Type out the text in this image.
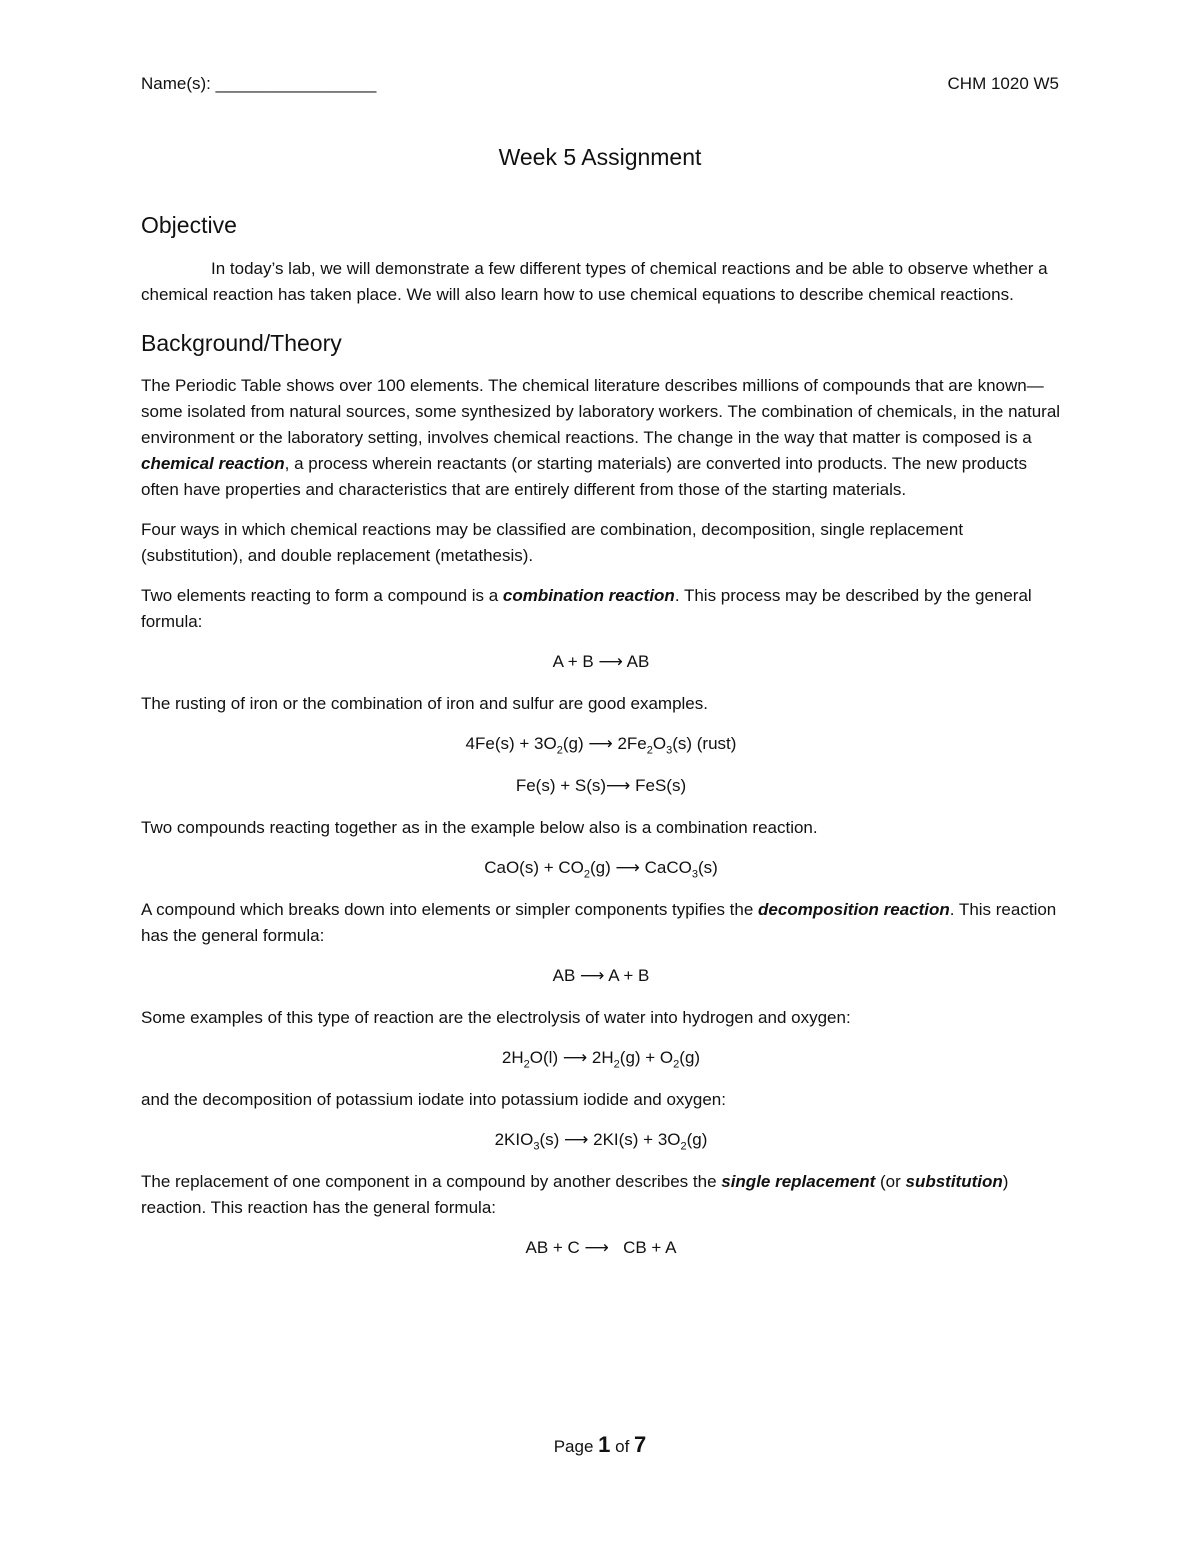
Name(s): _________________	CHM 1020 W5
Week 5 Assignment
Objective

In today’s lab, we will demonstrate a few different types of chemical reactions and be able to observe whether a chemical reaction has taken place. We will also learn how to use chemical equations to describe chemical reactions.

Background/Theory

The Periodic Table shows over 100 elements. The chemical literature describes millions of compounds that are known—some isolated from natural sources, some synthesized by laboratory workers. The combination of chemicals, in the natural environment or the laboratory setting, involves chemical reactions. The change in the way that matter is composed is a chemical reaction, a process wherein reactants (or starting materials) are converted into products. The new products often have properties and characteristics that are entirely different from those of the starting materials.

Four ways in which chemical reactions may be classified are combination, decomposition, single replacement (substitution), and double replacement (metathesis).

Two elements reacting to form a compound is a combination reaction. This process may be described by the general formula:

A + B ⟶ AB

The rusting of iron or the combination of iron and sulfur are good examples.

$4Fe(s) + 3O_2(g)$ ⟶ $2Fe_2O_3(s)$ (rust)
Fe(s) + S(s)⟶ FeS(s)

Two compounds reacting together as in the example below also is a combination reaction.

$CaO(s) + CO_2(g)$ ⟶ CaCO$_3$(s)

A compound which breaks down into elements or simpler components typifies the decomposition reaction. This reaction has the general formula:

AB ⟶ A + B

Some examples of this type of reaction are the electrolysis of water into hydrogen and oxygen:

$2H_2O(l)$ ⟶ $2H_2(g) + O_2(g)$

and the decomposition of potassium iodate into potassium iodide and oxygen:

$2KIO_3(s)$ ⟶ $2KI(s) + 3O_2(g)$

The replacement of one component in a compound by another describes the single replacement (or substitution) reaction. This reaction has the general formula:

AB + C ⟶   CB + A
Page 1 of 7
